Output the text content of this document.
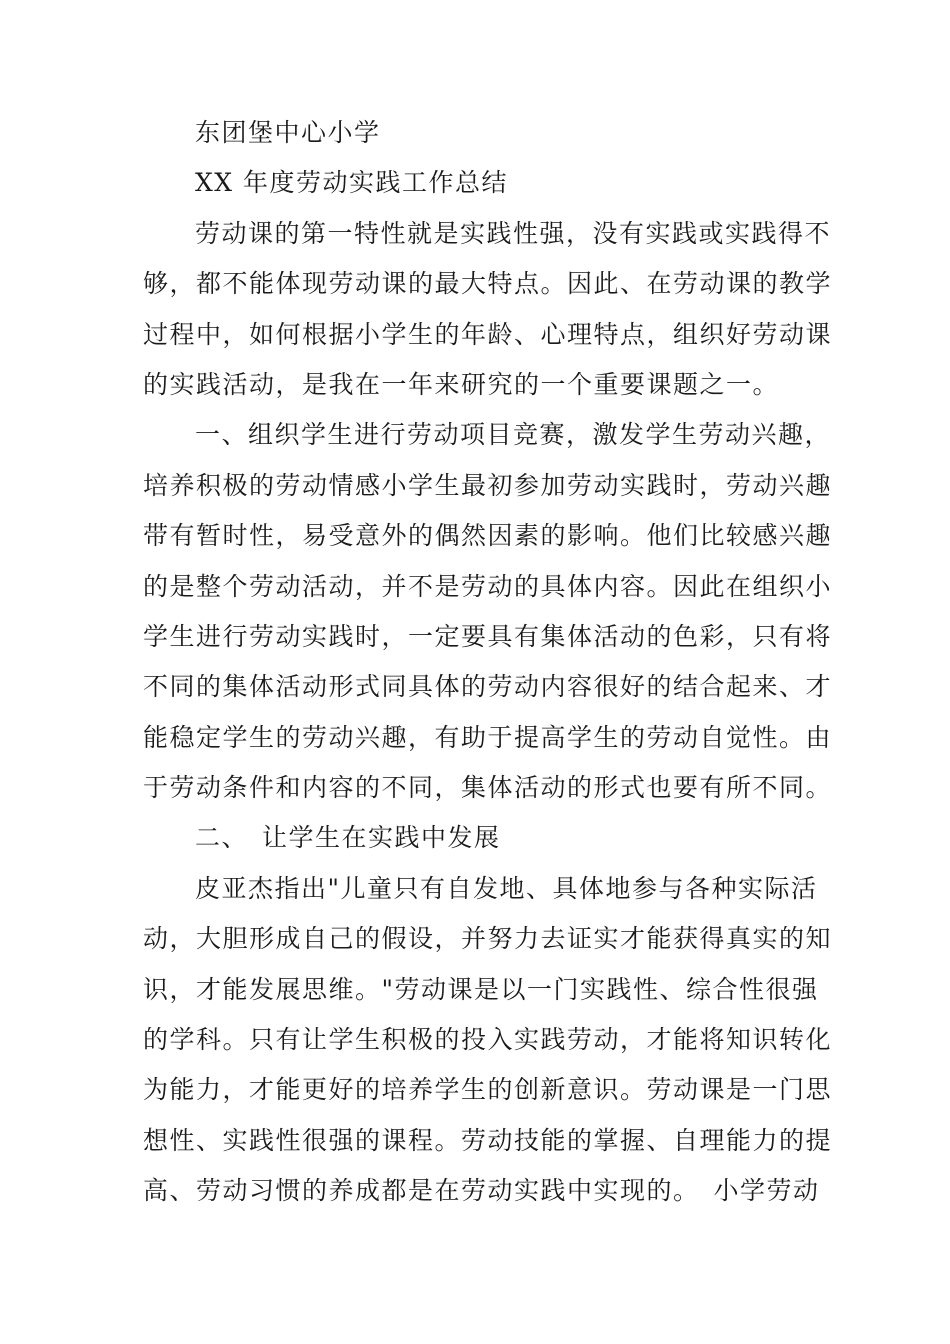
东团堡中心小学
XX 年度劳动实践工作总结
劳动课的第一特性就是实践性强，没有实践或实践得不
够，都不能体现劳动课的最大特点。因此、在劳动课的教学
过程中，如何根据小学生的年龄、心理特点，组织好劳动课
的实践活动，是我在一年来研究的一个重要课题之一。
一、组织学生进行劳动项目竞赛，激发学生劳动兴趣，
培养积极的劳动情感小学生最初参加劳动实践时，劳动兴趣
带有暂时性，易受意外的偶然因素的影响。他们比较感兴趣
的是整个劳动活动，并不是劳动的具体内容。因此在组织小
学生进行劳动实践时，一定要具有集体活动的色彩，只有将
不同的集体活动形式同具体的劳动内容很好的结合起来、才
能稳定学生的劳动兴趣，有助于提高学生的劳动自觉性。由
于劳动条件和内容的不同，集体活动的形式也要有所不同。
二、　让学生在实践中发展
皮亚杰指出"儿童只有自发地、具体地参与各种实际活
动，大胆形成自己的假设，并努力去证实才能获得真实的知
识，才能发展思维。"劳动课是以一门实践性、综合性很强
的学科。只有让学生积极的投入实践劳动，才能将知识转化
为能力，才能更好的培养学生的创新意识。劳动课是一门思
想性、实践性很强的课程。劳动技能的掌握、自理能力的提
高、劳动习惯的养成都是在劳动实践中实现的。　小学劳动
